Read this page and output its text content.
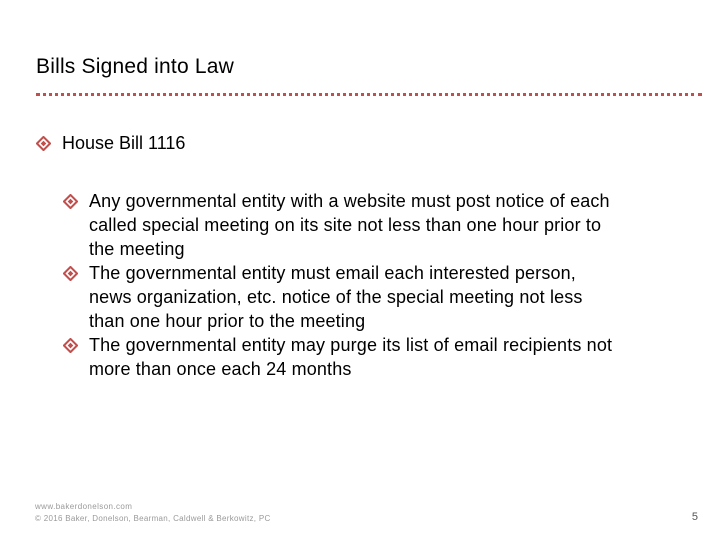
Bills Signed into Law
House Bill 1116
Any governmental entity with a website must post notice of each
called special meeting on its site not less than one hour prior to
the meeting
The governmental entity must email each interested person,
news organization, etc. notice of the special meeting not less
than one hour prior to the meeting
The governmental entity may purge its list of email recipients not
more than once each 24 months
www.bakerdonelson.com
© 2016 Baker, Donelson, Bearman, Caldwell & Berkowitz, PC	5
